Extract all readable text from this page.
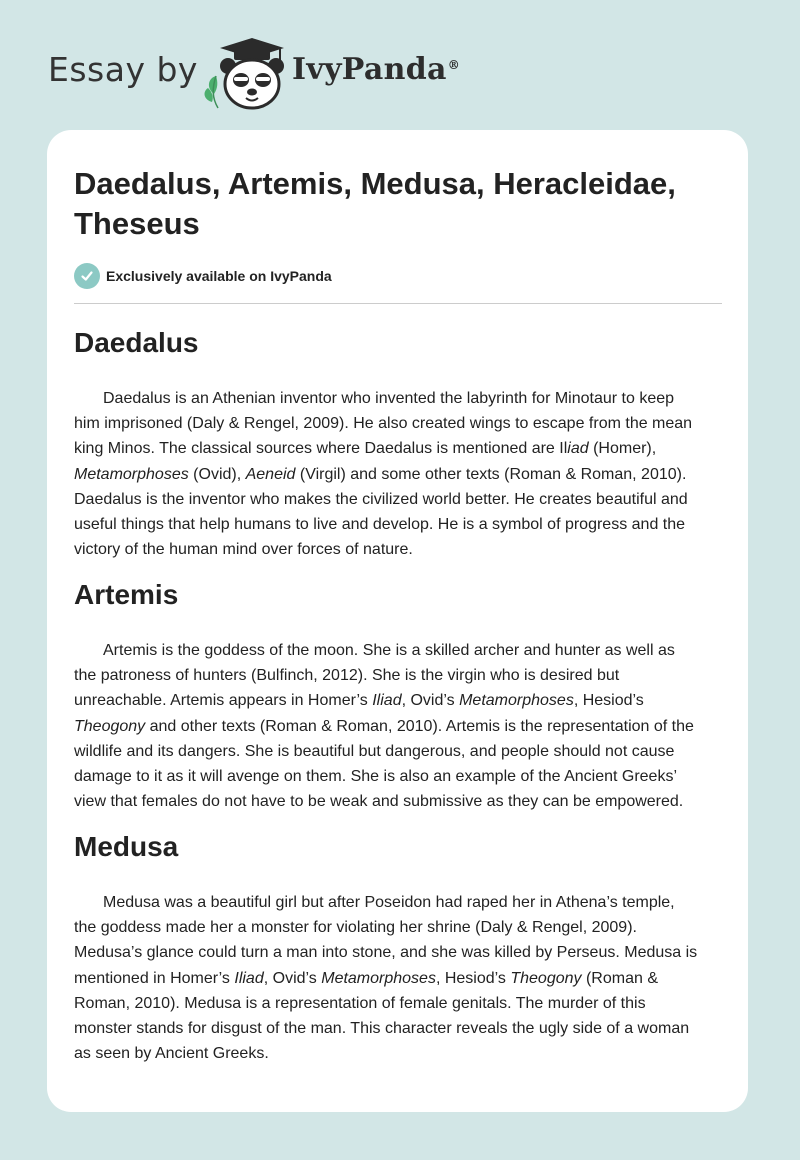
Essay by	IvyPanda®
Daedalus, Artemis, Medusa, Heracleidae,
Theseus
Exclusively available on IvyPanda
Daedalus

Daedalus is an Athenian inventor who invented the labyrinth for Minotaur to keep
him imprisoned (Daly & Rengel, 2009). He also created wings to escape from the mean
king Minos. The classical sources where Daedalus is mentioned are Iliad (Homer),
Metamorphoses (Ovid), Aeneid (Virgil) and some other texts (Roman & Roman, 2010).
Daedalus is the inventor who makes the civilized world better. He creates beautiful and
useful things that help humans to live and develop. He is a symbol of progress and the
victory of the human mind over forces of nature.

Artemis

Artemis is the goddess of the moon. She is a skilled archer and hunter as well as
the patroness of hunters (Bulfinch, 2012). She is the virgin who is desired but
unreachable. Artemis appears in Homer’s Iliad, Ovid’s Metamorphoses, Hesiod’s
Theogony and other texts (Roman & Roman, 2010). Artemis is the representation of the
wildlife and its dangers. She is beautiful but dangerous, and people should not cause
damage to it as it will avenge on them. She is also an example of the Ancient Greeks’
view that females do not have to be weak and submissive as they can be empowered.

Medusa

Medusa was a beautiful girl but after Poseidon had raped her in Athena’s temple,
the goddess made her a monster for violating her shrine (Daly & Rengel, 2009).
Medusa’s glance could turn a man into stone, and she was killed by Perseus. Medusa is
mentioned in Homer’s Iliad, Ovid’s Metamorphoses, Hesiod’s Theogony (Roman &
Roman, 2010). Medusa is a representation of female genitals. The murder of this
monster stands for disgust of the man. This character reveals the ugly side of a woman
as seen by Ancient Greeks.
